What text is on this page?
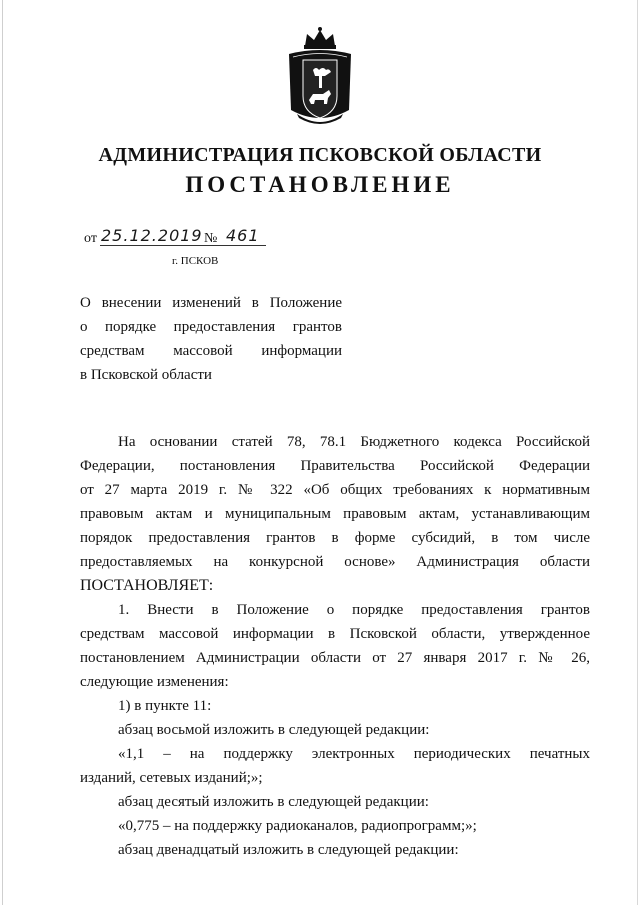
АДМИНИСТРАЦИЯ ПСКОВСКОЙ ОБЛАСТИ
ПОСТАНОВЛЕНИЕ
от 25.12.2019 № 461
г. ПСКОВ
О внесении изменений в Положение
о порядке предоставления грантов
средствам массовой информации
в Псковской области

На основании статей 78, 78.1 Бюджетного кодекса Российской
Федерации, постановления Правительства Российской Федерации
от 27 марта 2019 г. № 322 «Об общих требованиях к нормативным
правовым актам и муниципальным правовым актам, устанавливающим
порядок предоставления грантов в форме субсидий, в том числе
предоставляемых на конкурсной основе» Администрация области
ПОСТАНОВЛЯЕТ:

1. Внести в Положение о порядке предоставления грантов
средствам массовой информации в Псковской области, утвержденное
постановлением Администрации области от 27 января 2017 г. № 26,
следующие изменения:

1) в пункте 11:

абзац восьмой изложить в следующей редакции:

«1,1 – на поддержку электронных периодических печатных
изданий, сетевых изданий;»;

абзац десятый изложить в следующей редакции:

«0,775 – на поддержку радиоканалов, радиопрограмм;»;

абзац двенадцатый изложить в следующей редакции:
